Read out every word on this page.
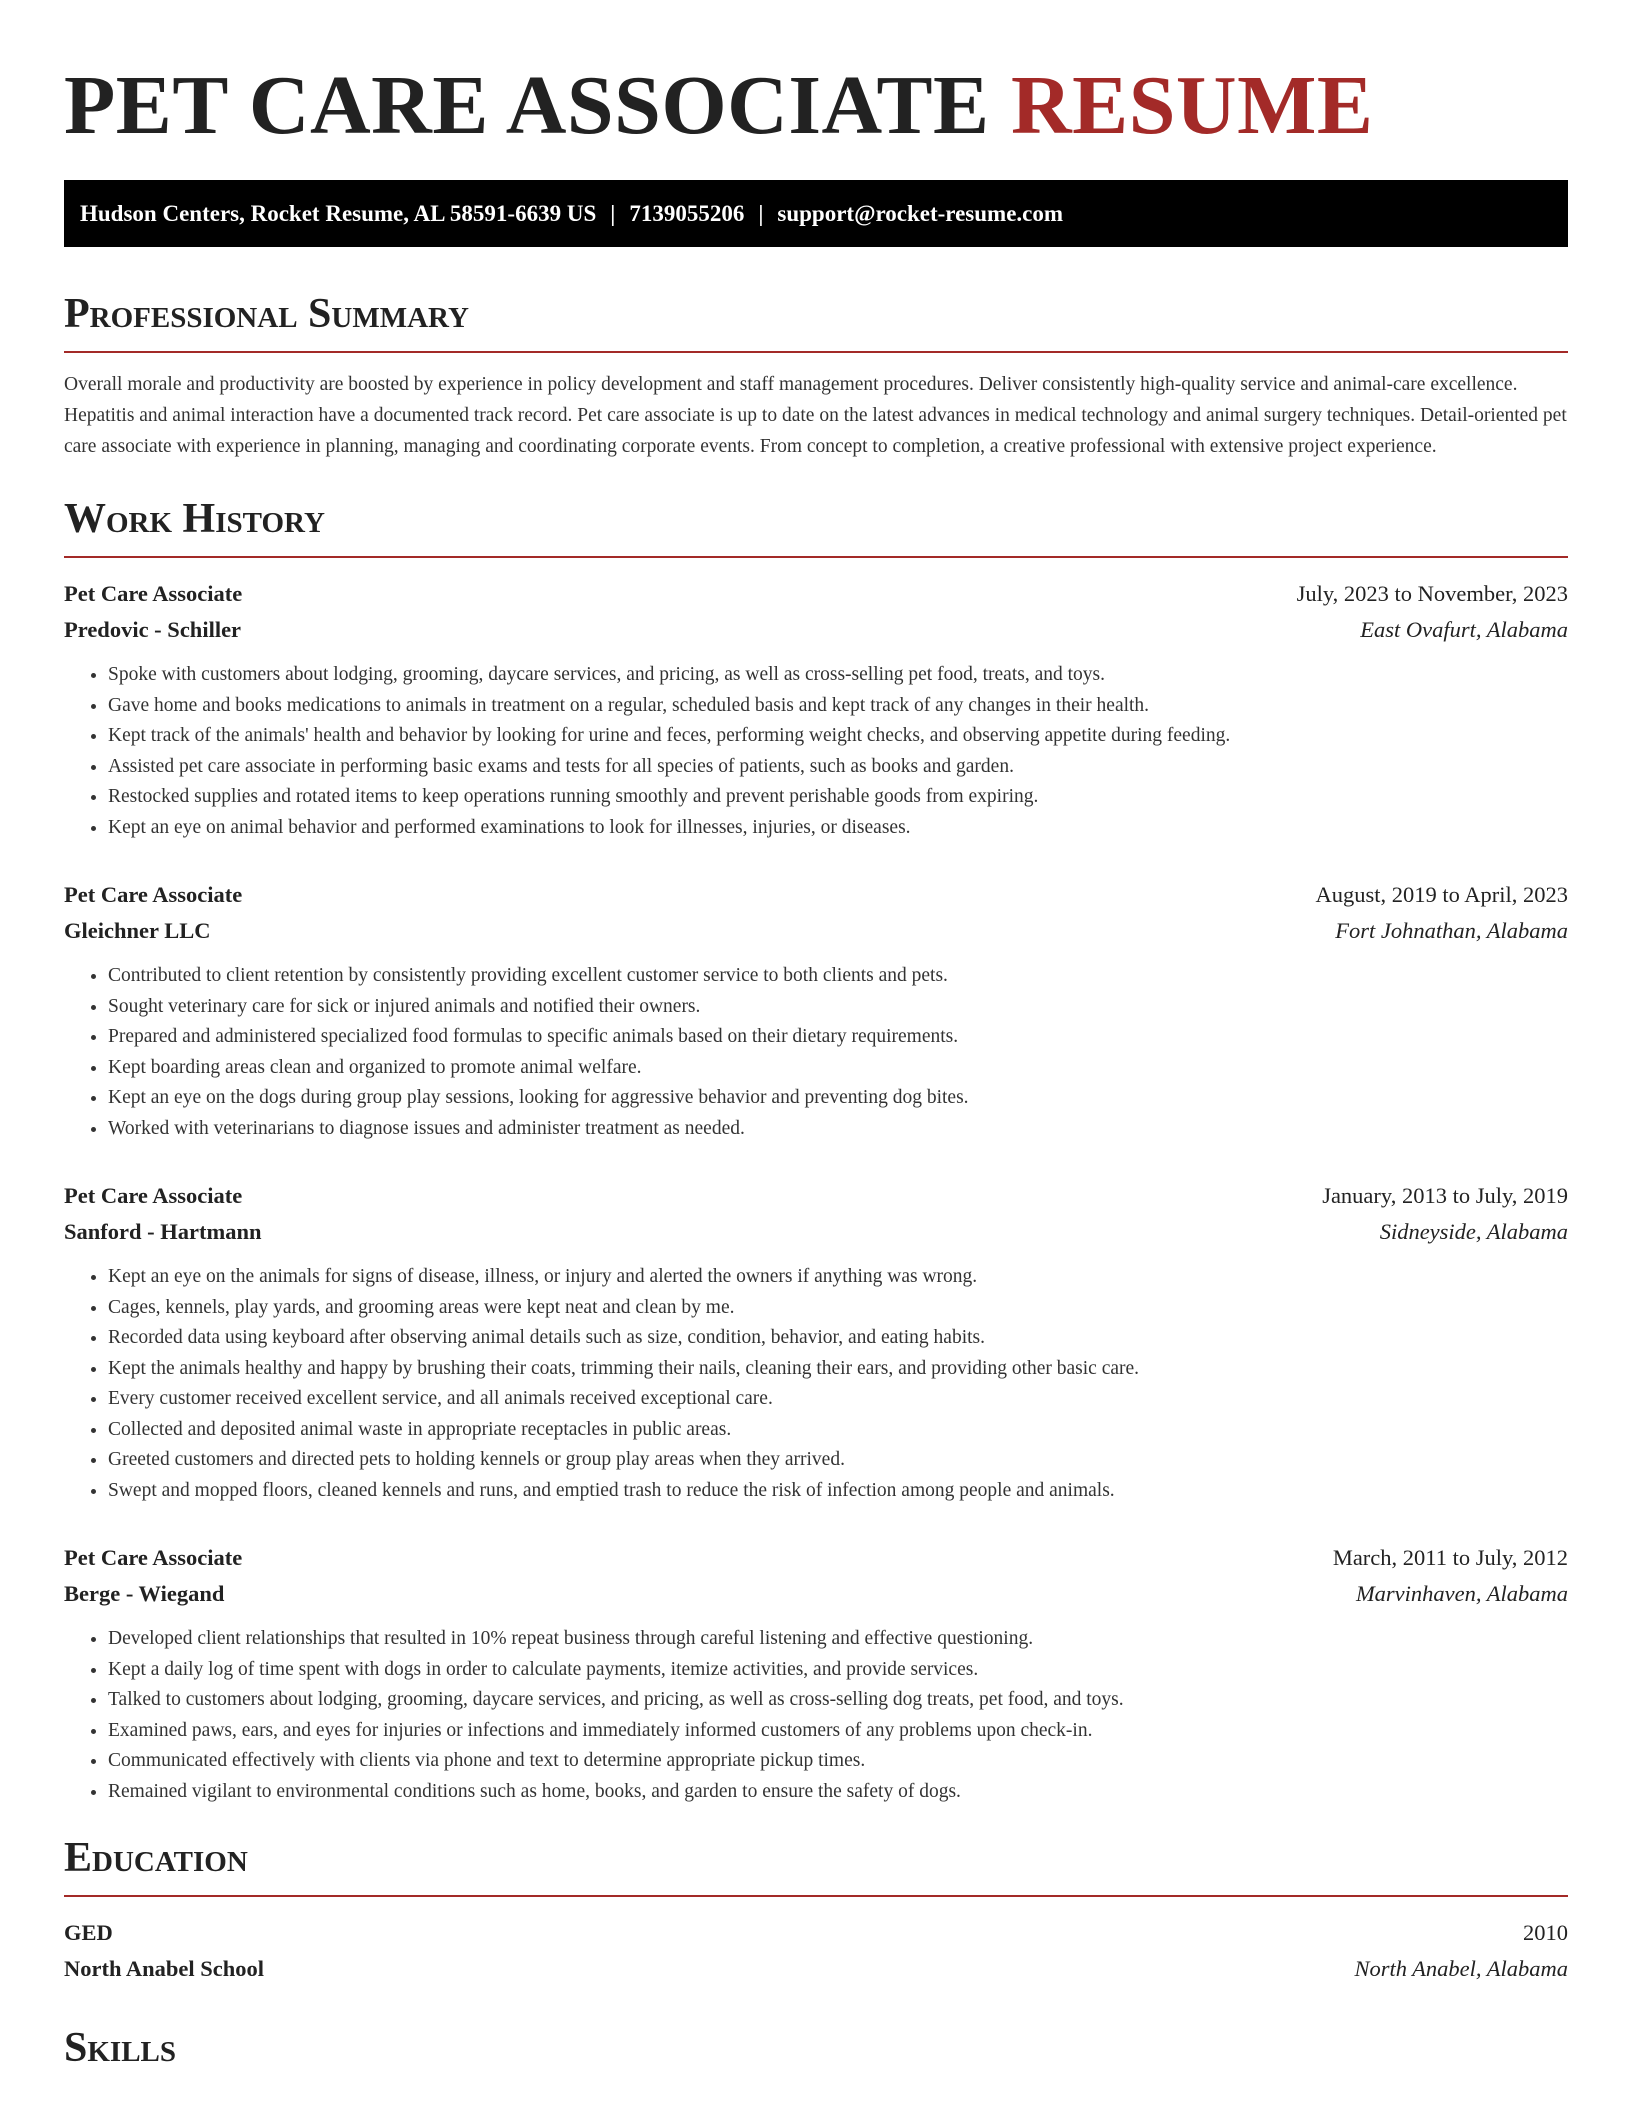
PET CARE ASSOCIATE RESUME
Hudson Centers, Rocket Resume, AL 58591-6639 US | 7139055206 | support@rocket-resume.com
Professional Summary
Overall morale and productivity are boosted by experience in policy development and staff management procedures. Deliver consistently high-quality service and animal-care excellence. Hepatitis and animal interaction have a documented track record. Pet care associate is up to date on the latest advances in medical technology and animal surgery techniques. Detail-oriented pet care associate with experience in planning, managing and coordinating corporate events. From concept to completion, a creative professional with extensive project experience.
Work History
Pet Care Associate	July, 2023 to November, 2023
Predovic - Schiller	East Ovafurt, Alabama
• Spoke with customers about lodging, grooming, daycare services, and pricing, as well as cross-selling pet food, treats, and toys.
• Gave home and books medications to animals in treatment on a regular, scheduled basis and kept track of any changes in their health.
• Kept track of the animals' health and behavior by looking for urine and feces, performing weight checks, and observing appetite during feeding.
• Assisted pet care associate in performing basic exams and tests for all species of patients, such as books and garden.
• Restocked supplies and rotated items to keep operations running smoothly and prevent perishable goods from expiring.
• Kept an eye on animal behavior and performed examinations to look for illnesses, injuries, or diseases.
Pet Care Associate	August, 2019 to April, 2023
Gleichner LLC	Fort Johnathan, Alabama
• Contributed to client retention by consistently providing excellent customer service to both clients and pets.
• Sought veterinary care for sick or injured animals and notified their owners.
• Prepared and administered specialized food formulas to specific animals based on their dietary requirements.
• Kept boarding areas clean and organized to promote animal welfare.
• Kept an eye on the dogs during group play sessions, looking for aggressive behavior and preventing dog bites.
• Worked with veterinarians to diagnose issues and administer treatment as needed.
Pet Care Associate	January, 2013 to July, 2019
Sanford - Hartmann	Sidneyside, Alabama
• Kept an eye on the animals for signs of disease, illness, or injury and alerted the owners if anything was wrong.
• Cages, kennels, play yards, and grooming areas were kept neat and clean by me.
• Recorded data using keyboard after observing animal details such as size, condition, behavior, and eating habits.
• Kept the animals healthy and happy by brushing their coats, trimming their nails, cleaning their ears, and providing other basic care.
• Every customer received excellent service, and all animals received exceptional care.
• Collected and deposited animal waste in appropriate receptacles in public areas.
• Greeted customers and directed pets to holding kennels or group play areas when they arrived.
• Swept and mopped floors, cleaned kennels and runs, and emptied trash to reduce the risk of infection among people and animals.
Pet Care Associate	March, 2011 to July, 2012
Berge - Wiegand	Marvinhaven, Alabama
• Developed client relationships that resulted in 10% repeat business through careful listening and effective questioning.
• Kept a daily log of time spent with dogs in order to calculate payments, itemize activities, and provide services.
• Talked to customers about lodging, grooming, daycare services, and pricing, as well as cross-selling dog treats, pet food, and toys.
• Examined paws, ears, and eyes for injuries or infections and immediately informed customers of any problems upon check-in.
• Communicated effectively with clients via phone and text to determine appropriate pickup times.
• Remained vigilant to environmental conditions such as home, books, and garden to ensure the safety of dogs.
Education
GED	2010
North Anabel School	North Anabel, Alabama
Skills
